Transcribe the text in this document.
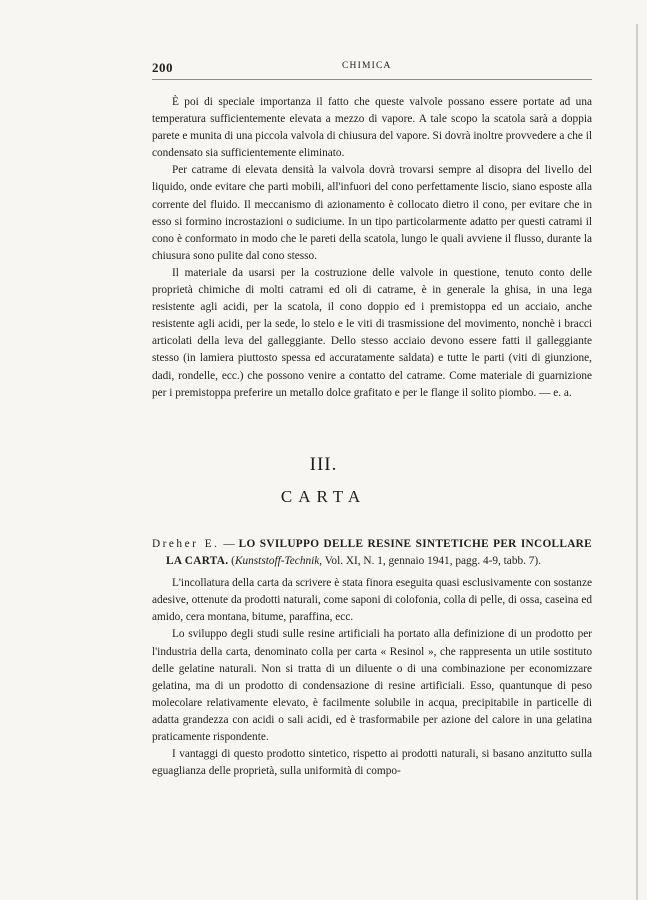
200	CHIMICA

È poi di speciale importanza il fatto che queste valvole possano essere portate ad una temperatura sufficientemente elevata a mezzo di vapore. A tale scopo la scatola sarà a doppia parete e munita di una piccola valvola di chiusura del vapore. Si dovrà inoltre provvedere a che il condensato sia sufficientemente eliminato.

Per catrame di elevata densità la valvola dovrà trovarsi sempre al disopra del livello del liquido, onde evitare che parti mobili, all'infuori del cono perfettamente liscio, siano esposte alla corrente del fluido. Il meccanismo di azionamento è collocato dietro il cono, per evitare che in esso si formino incrostazioni o sudiciume. In un tipo particolarmente adatto per questi catrami il cono è conformato in modo che le pareti della scatola, lungo le quali avviene il flusso, durante la chiusura sono pulite dal cono stesso.

Il materiale da usarsi per la costruzione delle valvole in questione, tenuto conto delle proprietà chimiche di molti catrami ed oli di catrame, è in generale la ghisa, in una lega resistente agli acidi, per la scatola, il cono doppio ed i premistoppa ed un acciaio, anche resistente agli acidi, per la sede, lo stelo e le viti di trasmissione del movimento, nonchè i bracci articolati della leva del galleggiante. Dello stesso acciaio devono essere fatti il galleggiante stesso (in lamiera piuttosto spessa ed accuratamente saldata) e tutte le parti (viti di giunzione, dadi, rondelle, ecc.) che possono venire a contatto del catrame. Come materiale di guarnizione per i premistoppa preferire un metallo dolce grafitato e per le flange il solito piombo. — e. a.

III.
CARTA

Dreher E. — LO SVILUPPO DELLE RESINE SINTETICHE PER INCOLLARE LA CARTA. (Kunststoff-Technik, Vol. XI, N. 1, gennaio 1941, pagg. 4-9, tabb. 7).

L'incollatura della carta da scrivere è stata finora eseguita quasi esclusivamente con sostanze adesive, ottenute da prodotti naturali, come saponi di colofonia, colla di pelle, di ossa, caseina ed amido, cera montana, bitume, paraffina, ecc.

Lo sviluppo degli studi sulle resine artificiali ha portato alla definizione di un prodotto per l'industria della carta, denominato colla per carta « Resinol », che rappresenta un utile sostituto delle gelatine naturali. Non si tratta di un diluente o di una combinazione per economizzare gelatina, ma di un prodotto di condensazione di resine artificiali. Esso, quantunque di peso molecolare relativamente elevato, è facilmente solubile in acqua, precipitabile in particelle di adatta grandezza con acidi o sali acidi, ed è trasformabile per azione del calore in una gelatina praticamente rispondente.

I vantaggi di questo prodotto sintetico, rispetto ai prodotti naturali, si basano anzitutto sulla eguaglianza delle proprietà, sulla uniformità di compo-
